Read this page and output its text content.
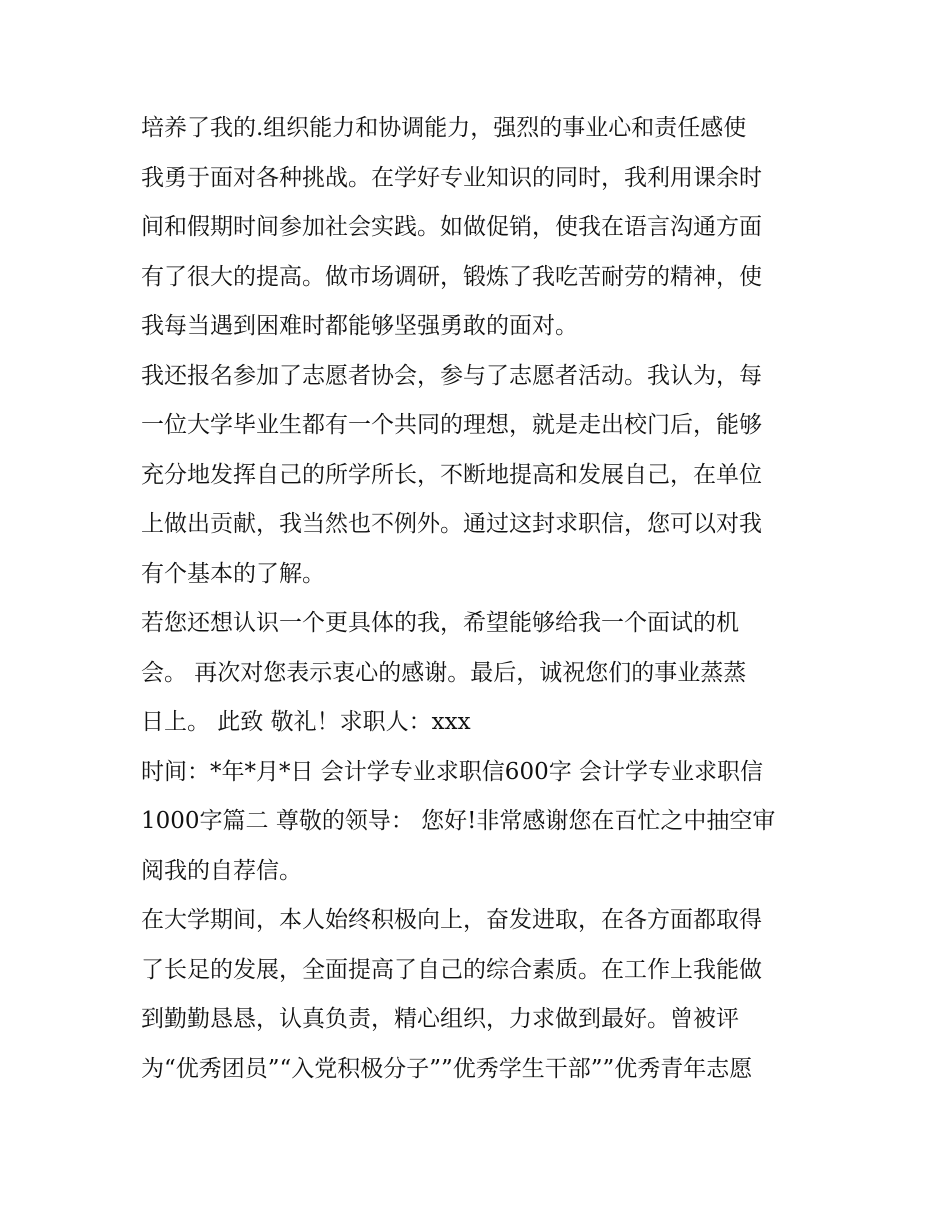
培养了我的.组织能力和协调能力，强烈的事业心和责任感使
我勇于面对各种挑战。在学好专业知识的同时，我利用课余时
间和假期时间参加社会实践。如做促销，使我在语言沟通方面
有了很大的提高。做市场调研，锻炼了我吃苦耐劳的精神，使
我每当遇到困难时都能够坚强勇敢的面对。
我还报名参加了志愿者协会，参与了志愿者活动。我认为，每
一位大学毕业生都有一个共同的理想，就是走出校门后，能够
充分地发挥自己的所学所长，不断地提高和发展自己，在单位
上做出贡献，我当然也不例外。通过这封求职信，您可以对我
有个基本的了解。
若您还想认识一个更具体的我，希望能够给我一个面试的机
会。 再次对您表示衷心的感谢。最后，诚祝您们的事业蒸蒸
日上。 此致 敬礼！求职人：xxx
时间：*年*月*日 会计学专业求职信600字 会计学专业求职信
1000字篇二 尊敬的领导： 您好!非常感谢您在百忙之中抽空审
阅我的自荐信。
在大学期间，本人始终积极向上，奋发进取，在各方面都取得
了长足的发展，全面提高了自己的综合素质。在工作上我能做
到勤勤恳恳，认真负责，精心组织，力求做到最好。曾被评
为“优秀团员”“入党积极分子””优秀学生干部””优秀青年志愿
